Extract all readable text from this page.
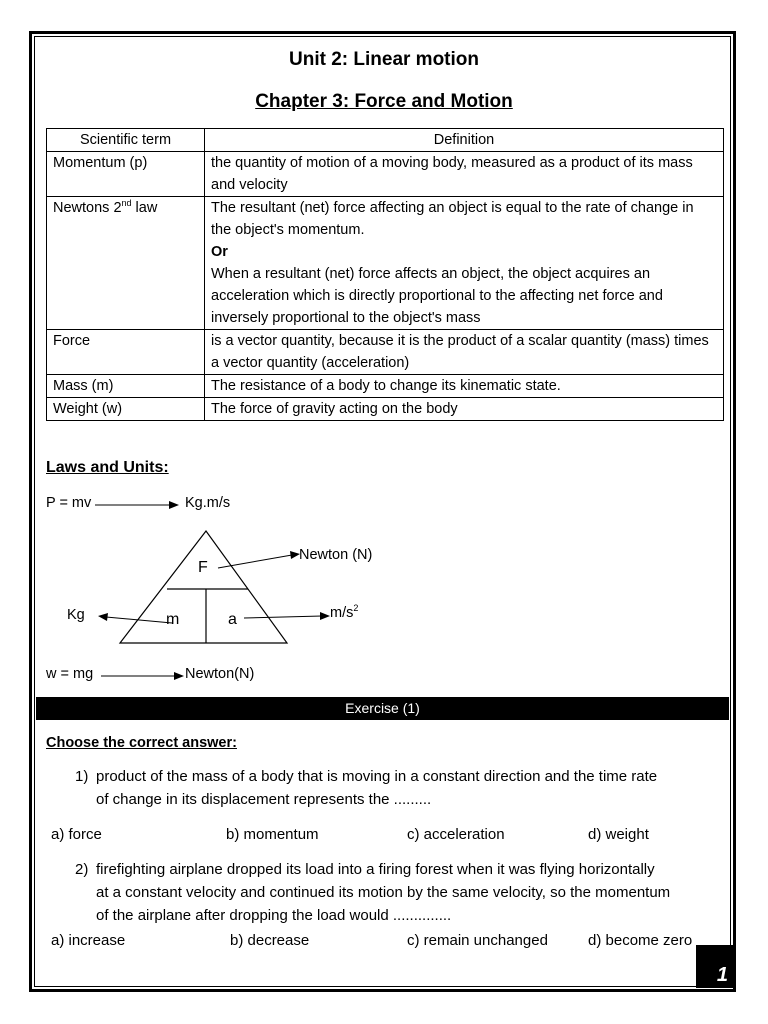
Unit 2: Linear motion
Chapter 3: Force and Motion
Scientific term	Definition
Momentum (p)	the quantity of motion of a moving body, measured as a product of its mass and velocity
Newtons 2nd law	The resultant (net) force affecting an object is equal to the rate of change in the object's momentum.
Or
When a resultant (net) force affects an object, the object acquires an acceleration which is directly proportional to the affecting net force and inversely proportional to the object's mass

Force	is a vector quantity, because it is the product of a scalar quantity (mass) times a vector quantity (acceleration)
Mass (m)	The resistance of a body to change its kinematic state.
Weight (w)	The force of gravity acting on the body
Laws and Units:
P = mv	Kg.m/s
F
m	a
Newton (N)
Kg	$m/s^2$
w = mg	Newton(N)
Exercise (1)
Choose the correct answer:
1) product of the mass of a body that is moving in a constant direction and the time rate
of change in its displacement represents the .........
a) force	b) momentum	c) acceleration	d) weight
2) firefighting airplane dropped its load into a firing forest when it was flying horizontally
at a constant velocity and continued its motion by the same velocity, so the momentum
of the airplane after dropping the load would ..............
a) increase	b) decrease	c) remain unchanged	d) become zero
1
